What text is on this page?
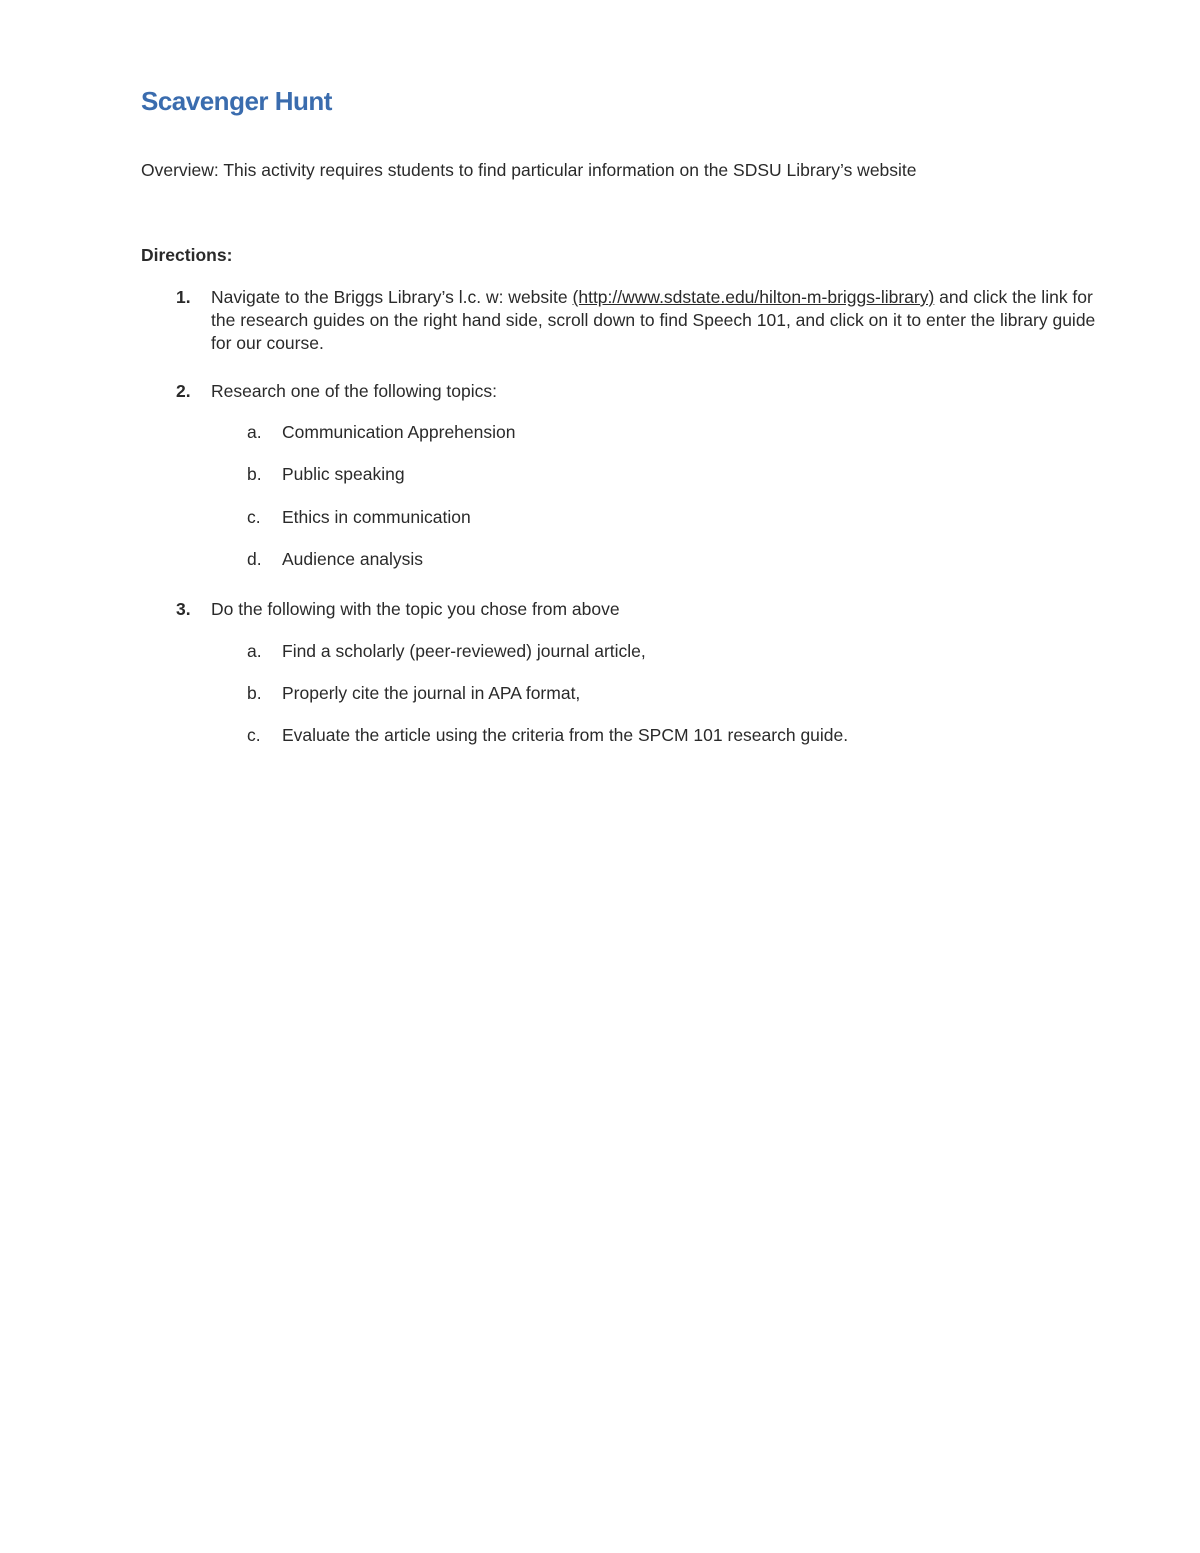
Scavenger Hunt

Overview: This activity requires students to find particular information on the SDSU Library’s website

Directions:

1. Navigate to the Briggs Library’s l.c. w: website (http://www.sdstate.edu/hilton-m-briggs-library) and click the link for the research guides on the right hand side, scroll down to find Speech 101, and click on it to enter the library guide for our course.
2. Research one of the following topics:
a. Communication Apprehension
b. Public speaking
c. Ethics in communication
d. Audience analysis
3. Do the following with the topic you chose from above
a. Find a scholarly (peer-reviewed) journal article,
b. Properly cite the journal in APA format,
c. Evaluate the article using the criteria from the SPCM 101 research guide.
